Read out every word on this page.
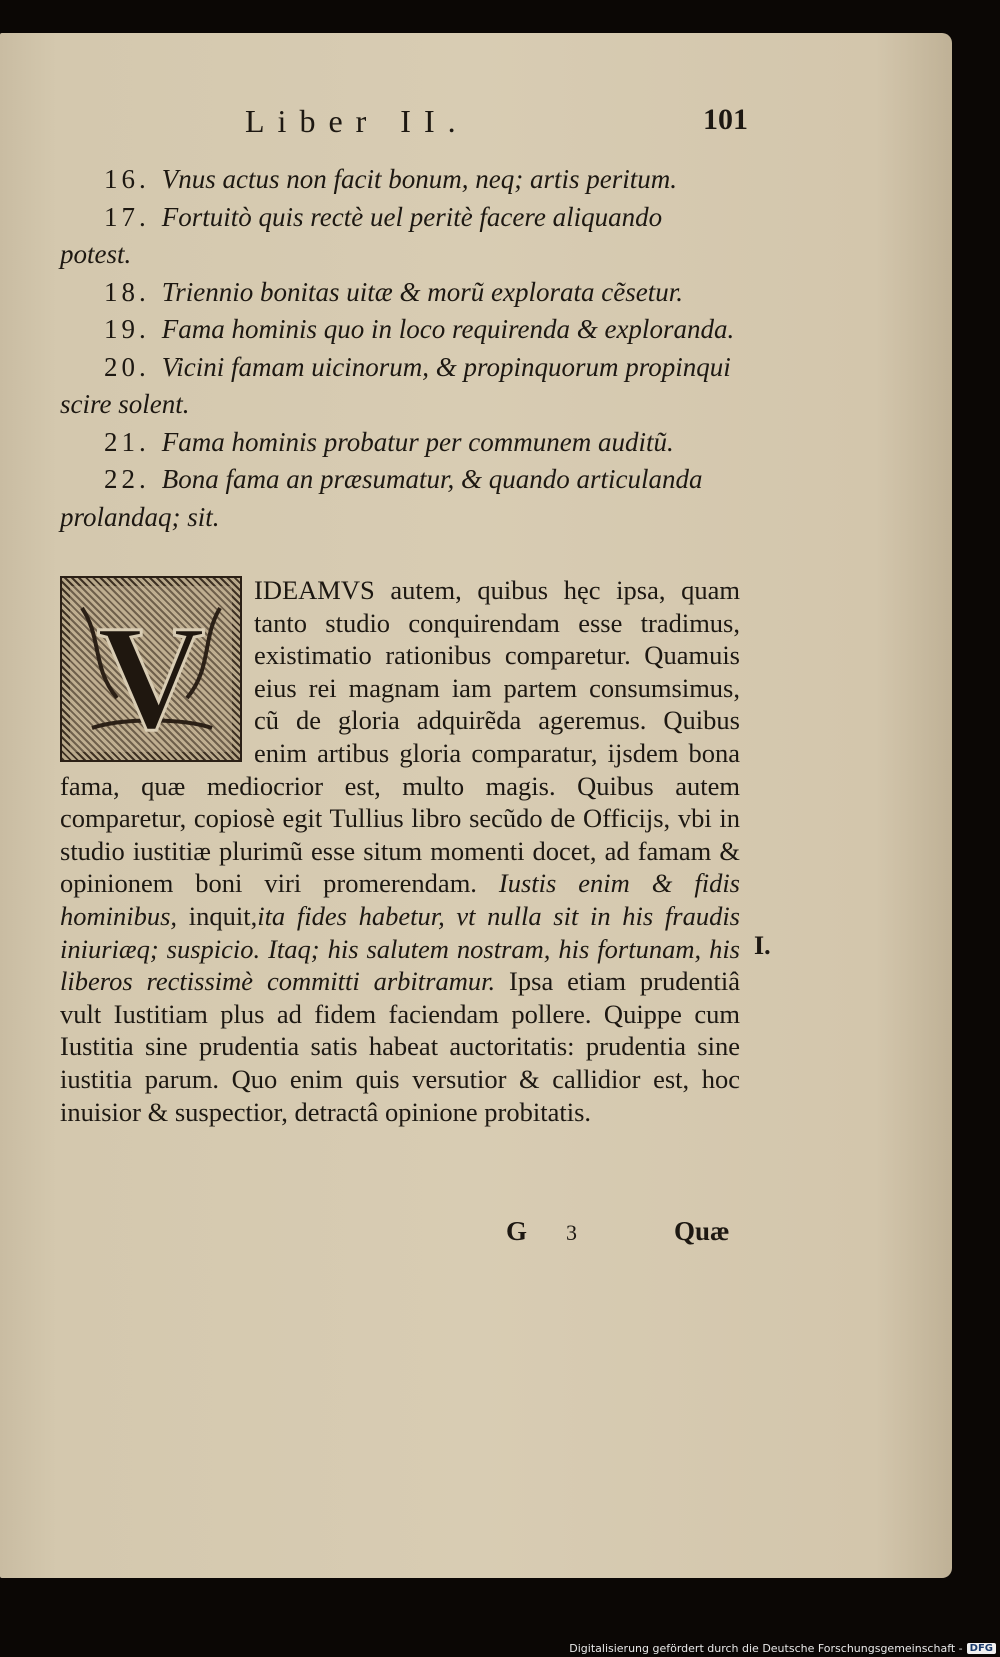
Liber II.	101

16. Vnus actus non facit bonum, neq; artis peritum.

17. Fortuitò quis rectè uel peritè facere aliquando potest.

18. Triennio bonitas uitæ & morũ explorata cẽsetur.

19. Fama hominis quo in loco requirenda & exploranda.

20. Vicini famam uicinorum, & propinquorum propinqui scire solent.

21. Fama hominis probatur per communem auditũ.

22. Bona fama an præsumatur, & quando articulanda prolandaq; sit.

V

IDEAMVS autem, quibus hęc ipsa, quam tanto studio conquirendam esse tradimus, existimatio rationibus comparetur. Quamuis eius rei magnam iam partem consumsimus, cũ de gloria adquirẽda ageremus. Quibus enim artibus gloria comparatur, ijsdem bona fama, quæ mediocrior est, multo magis. Quibus autem comparetur, copiosè egit Tullius libro secũdo de Officijs, vbi in studio iustitiæ plurimũ esse situm momenti docet, ad famam & opinionem boni viri promerendam. Iustis enim & fidis hominibus, inquit,ita fides habetur, vt nulla sit in his fraudis iniuriæq; suspicio. Itaq; his salutem nostram, his fortunam, his liberos rectissimè committi arbitramur. Ipsa etiam prudentiâ vult Iustitiam plus ad fidem faciendam pollere. Quippe cum Iustitia sine prudentia satis habeat auctoritatis: prudentia sine iustitia parum. Quo enim quis versutior & callidior est, hoc inuisior & suspectior, detractâ opinione probitatis.

I.
G 3	Quæ
Digitalisierung gefördert durch die Deutsche Forschungsgemeinschaft - DFG
